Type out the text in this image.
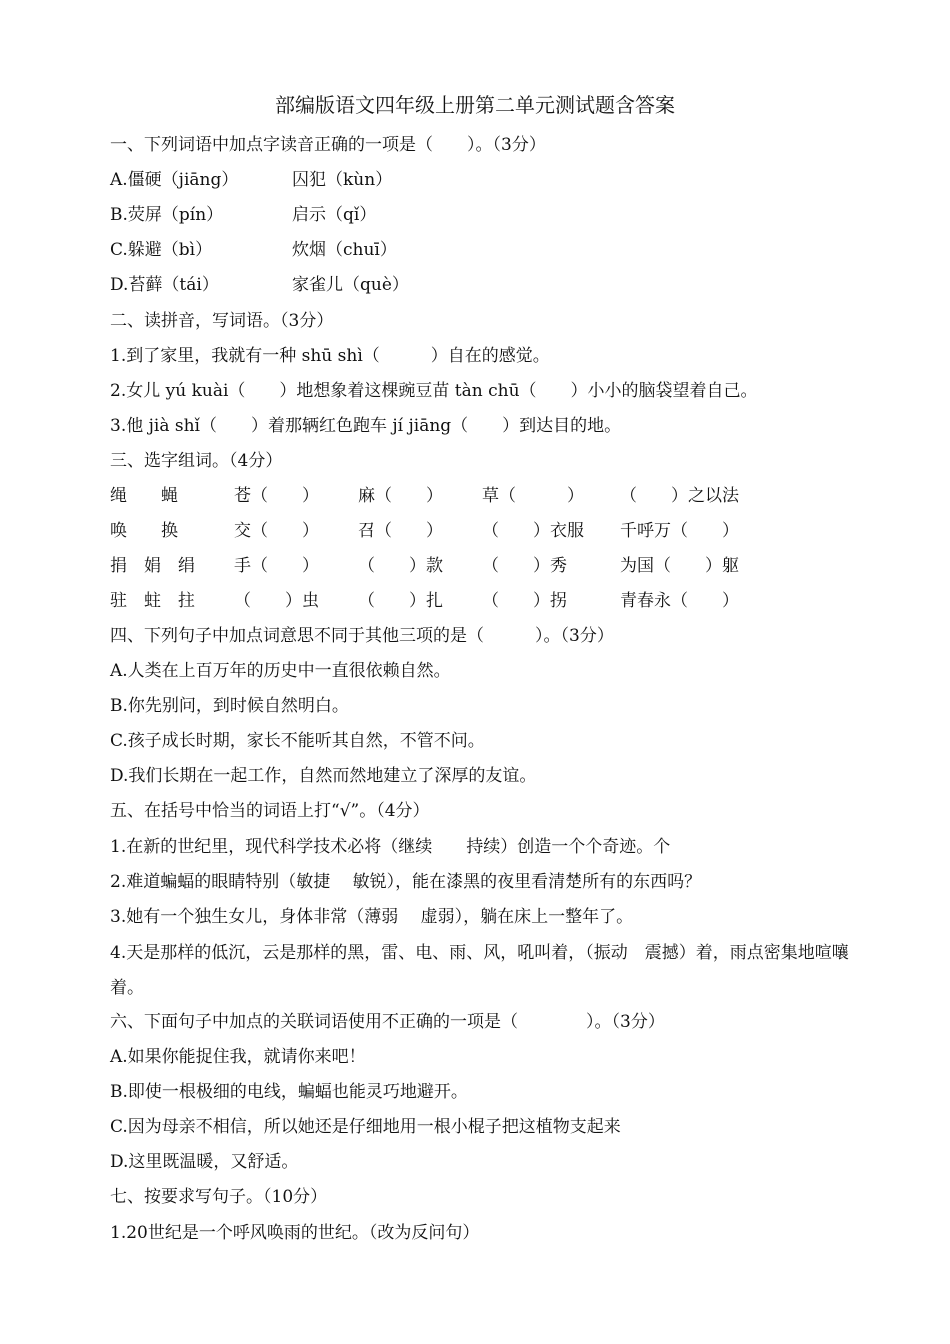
部编版语文四年级上册第二单元测试题含答案
一、下列词语中加点字读音正确的一项是（　　）。（3分）
A.僵硬（jiāng）	囚犯（kùn）
B.荧屏（pín）	启示（qǐ）
C.躲避（bì）	炊烟（chuī）
D.苔藓（tái）	家雀儿（què）
二、读拼音，写词语。（3分）
1.到了家里，我就有一种 shū shì（　　　）自在的感觉。
2.女儿 yú kuài（　　）地想象着这棵豌豆苗 tàn chū（　　）小小的脑袋望着自己。
3.他 jià shǐ（　　）着那辆红色跑车 jí jiāng（　　）到达目的地。
三、选字组词。（4分）
绳　　蝇	苍（　　） 麻（　　） 草（　　　） （　　）之以法
唤　　换	交（　　） 召（　　） （　　）衣服 千呼万（　　）
捐　娟　绢 手（　　） （　　）款 （　　）秀	为国（　　）躯
驻　蛀　拄 （　　）虫 （　　）扎 （　　）拐	青春永（　　）
四、下列句子中加点词意思不同于其他三项的是（　　　）。（3分）
A.人类在上百万年的历史中一直很依赖自然。
B.你先别问，到时候自然明白。
C.孩子成长时期，家长不能听其自然，不管不问。
D.我们长期在一起工作，自然而然地建立了深厚的友谊。
五、在括号中恰当的词语上打“√”。（4分）
1.在新的世纪里，现代科学技术必将（继续　　持续）创造一个个奇迹。个
2.难道蝙蝠的眼睛特别（敏捷　 敏锐），能在漆黑的夜里看清楚所有的东西吗？
3.她有一个独生女儿，身体非常（薄弱　 虚弱），躺在床上一整年了。
4.天是那样的低沉，云是那样的黑，雷、电、雨、风，吼叫着，（振动　震撼）着，雨点密集地喧嚷着。
六、下面句子中加点的关联词语使用不正确的一项是（　　　　）。（3分）
A.如果你能捉住我，就请你来吧！
B.即使一根极细的电线，蝙蝠也能灵巧地避开。
C.因为母亲不相信，所以她还是仔细地用一根小棍子把这植物支起来
D.这里既温暖，又舒适。
七、按要求写句子。（10分）
1.20世纪是一个呼风唤雨的世纪。（改为反问句）
